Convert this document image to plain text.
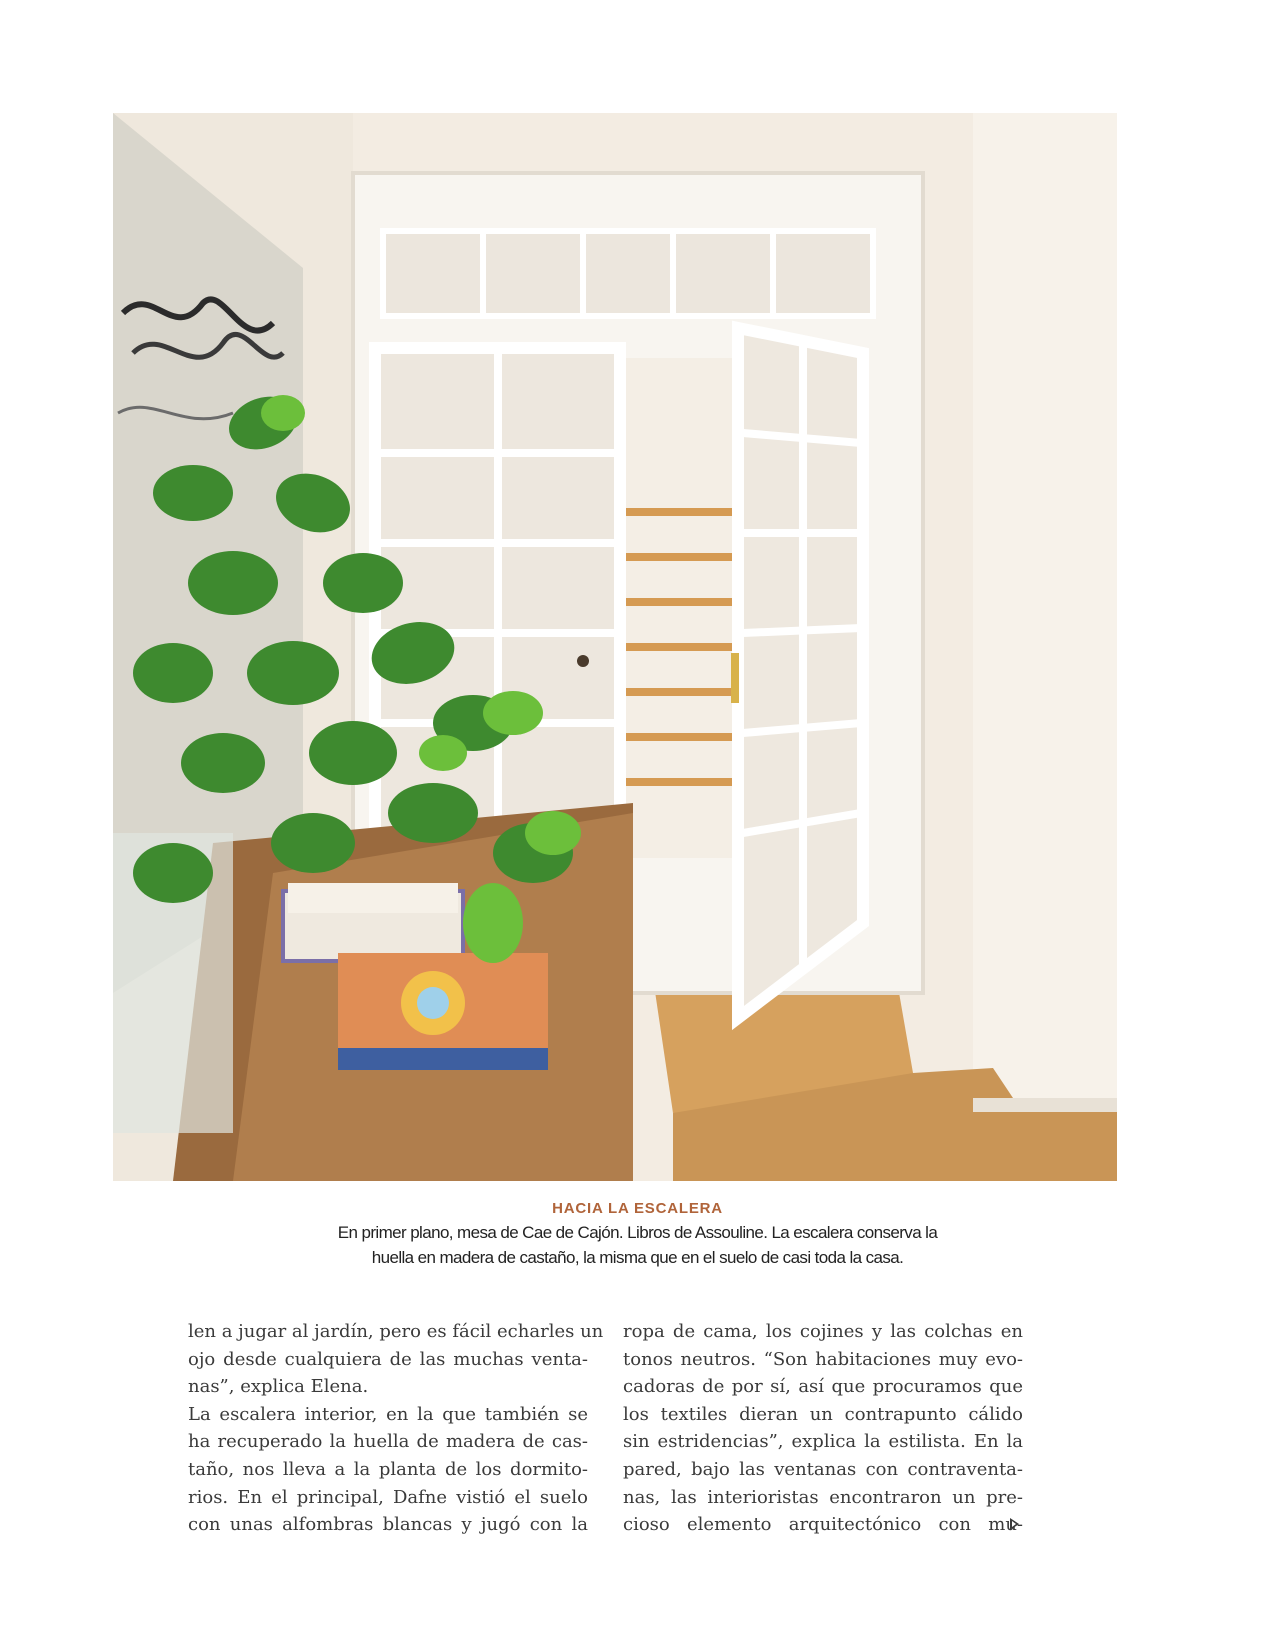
HACIA LA ESCALERA
En primer plano, mesa de Cae de Cajón. Libros de Assouline. La escalera conserva la
huella en madera de castaño, la misma que en el suelo de casi toda la casa.
len a jugar al jardín, pero es fácil echarles un
ojo desde cualquiera de las muchas venta-
nas”, explica Elena.
La escalera interior, en la que también se
ha recuperado la huella de madera de cas-
taño, nos lleva a la planta de los dormito-
rios. En el principal, Dafne vistió el suelo
con unas alfombras blancas y jugó con la
ropa de cama, los cojines y las colchas en
tonos neutros. “Son habitaciones muy evo-
cadoras de por sí, así que procuramos que
los textiles dieran un contrapunto cálido
sin estridencias”, explica la estilista. En la
pared, bajo las ventanas con contraventa-
nas, las interioristas encontraron un pre-
cioso elemento arquitectónico con mu-
